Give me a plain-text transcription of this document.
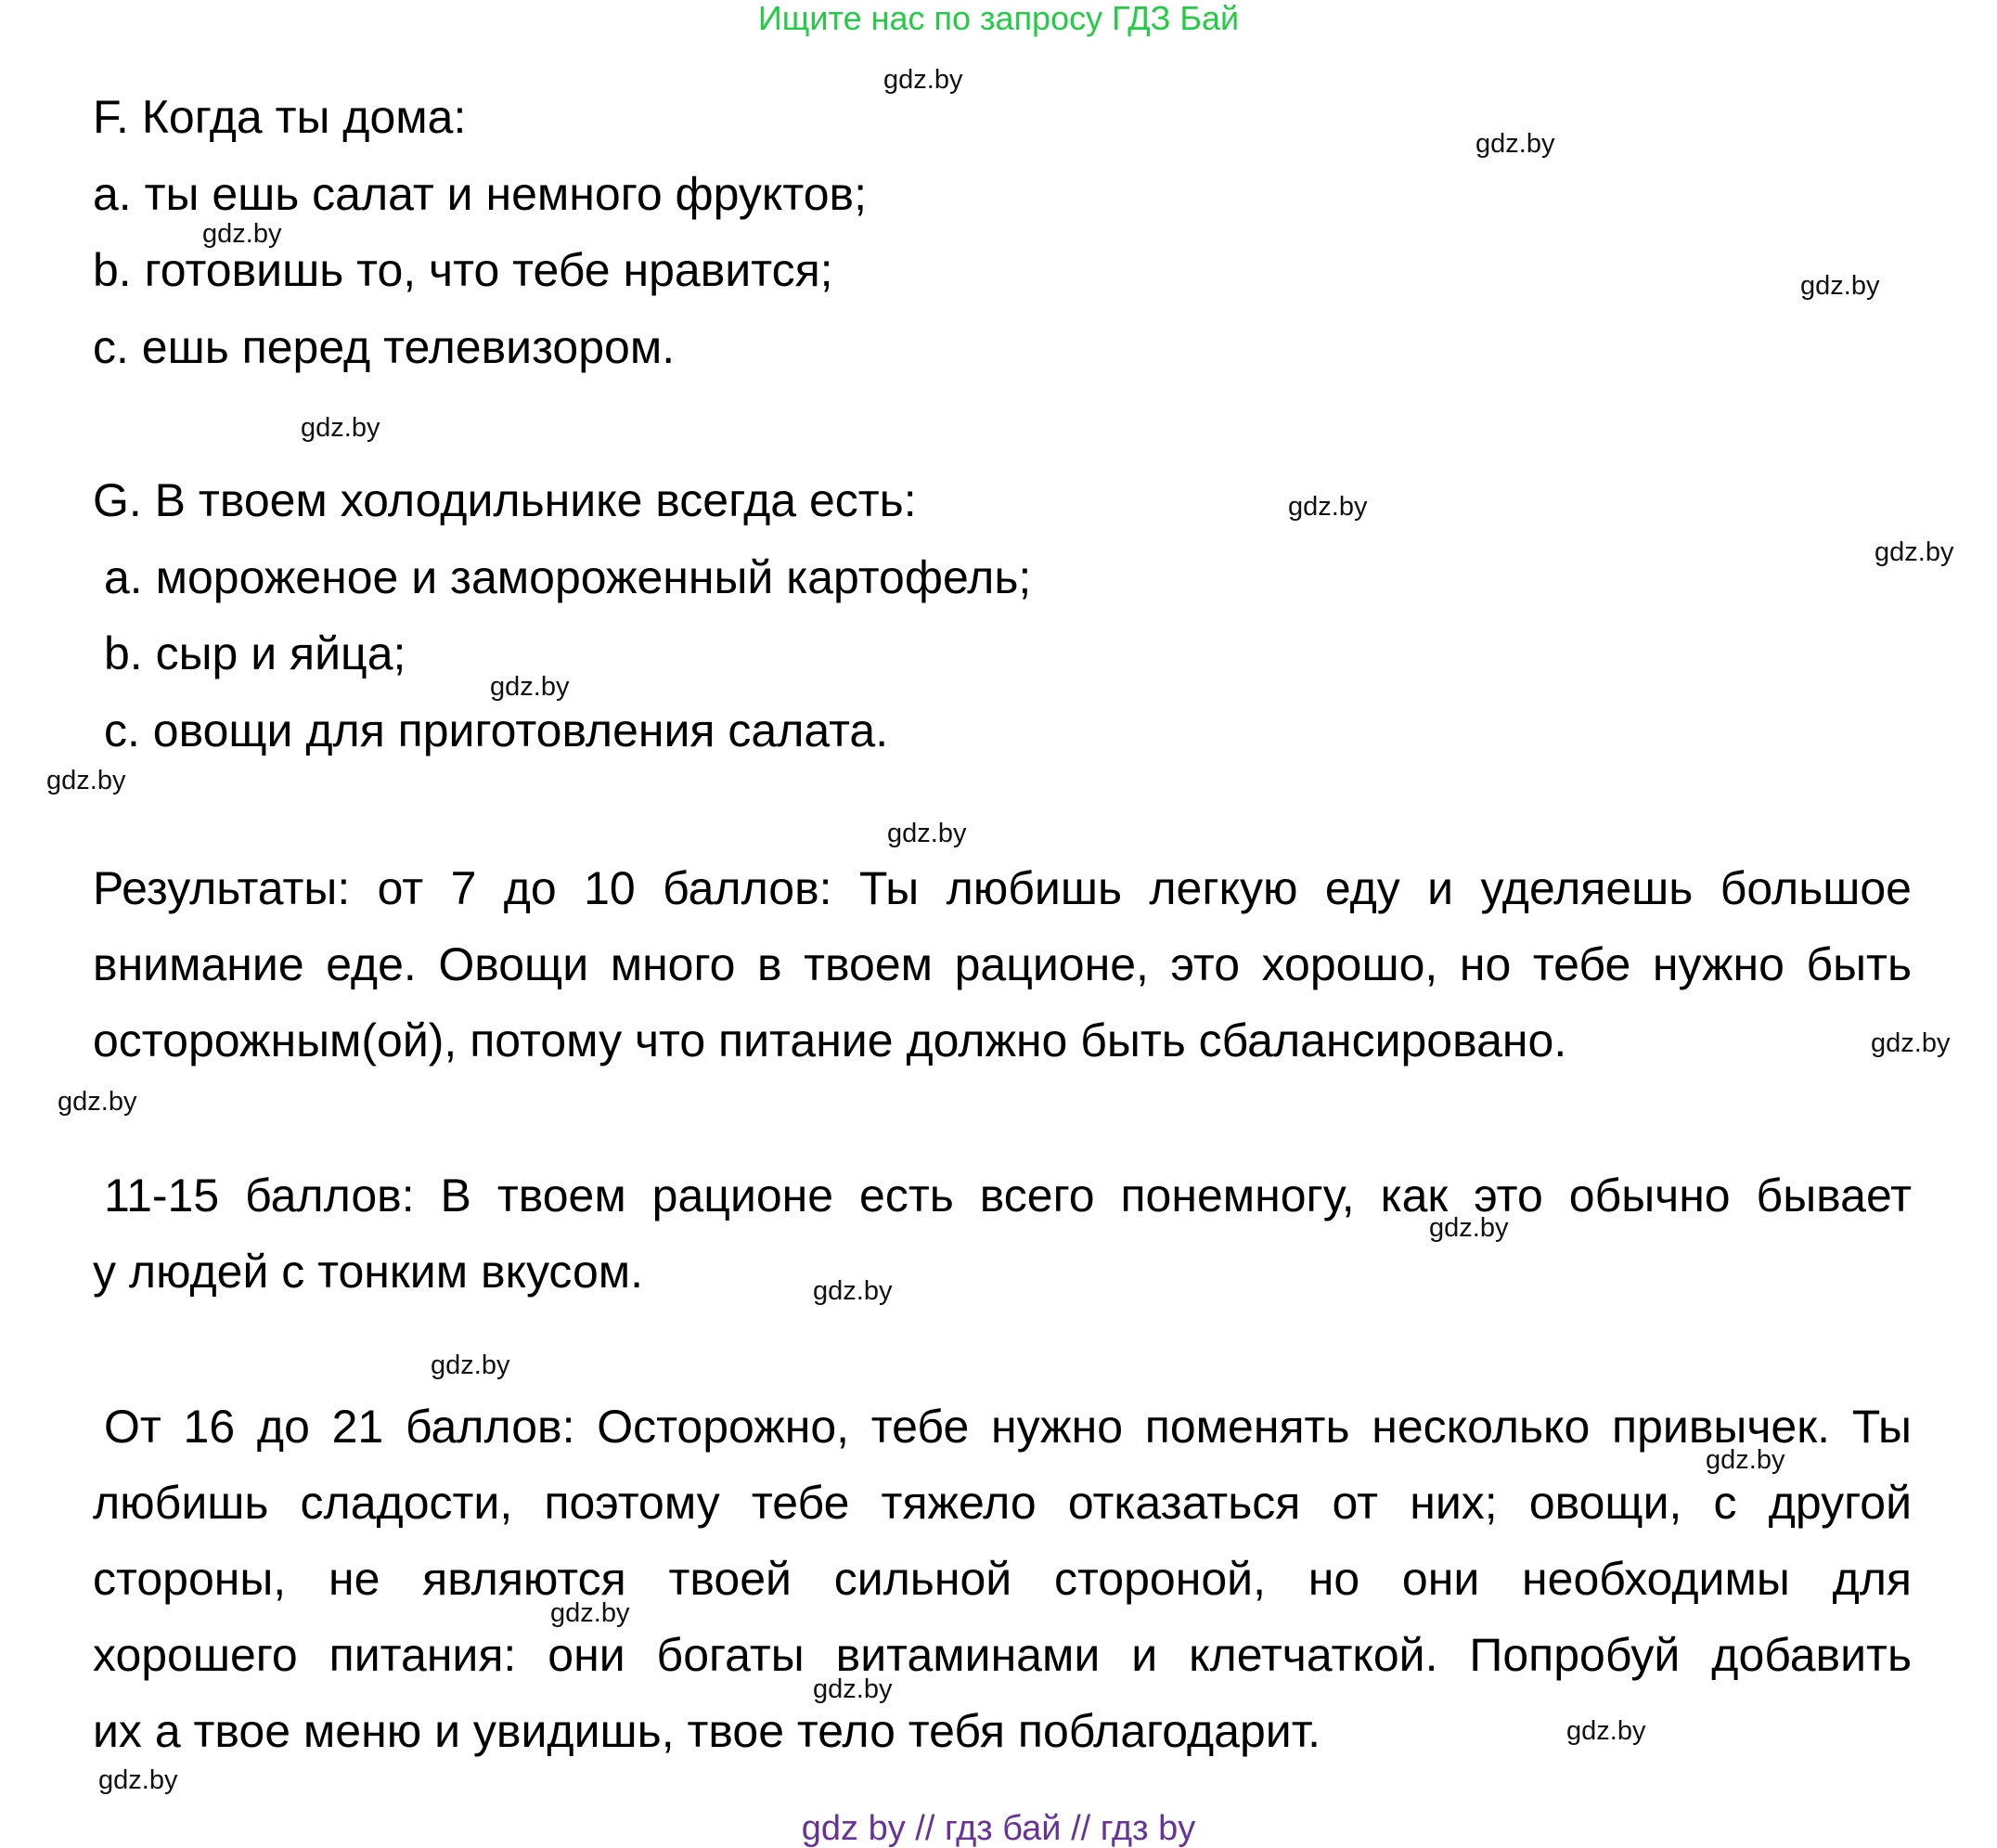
Ищите нас по запросу ГДЗ Бай
F. Когда ты дома:
a. ты ешь салат и немного фруктов;
b. готовишь то, что тебе нравится;
c. ешь перед телевизором.
G. В твоем холодильнике всегда есть:
a. мороженое и замороженный картофель;
b. сыр и яйца;
c. овощи для приготовления салата.
Результаты: от 7 до 10 баллов: Ты любишь легкую еду и уделяешь большое
внимание еде. Овощи много в твоем рационе, это хорошо, но тебе нужно быть
осторожным(ой), потому что питание должно быть сбалансировано.
11-15 баллов: В твоем рационе есть всего понемногу, как это обычно бывает
у людей с тонким вкусом.
От 16 до 21 баллов: Осторожно, тебе нужно поменять несколько привычек. Ты
любишь сладости, поэтому тебе тяжело отказаться от них; овощи, с другой
стороны, не являются твоей сильной стороной, но они необходимы для
хорошего питания: они богаты витаминами и клетчаткой. Попробуй добавить
их а твое меню и увидишь, твое тело тебя поблагодарит.
gdz.by
gdz.by
gdz.by
gdz.by
gdz.by
gdz.by
gdz.by
gdz.by
gdz.by
gdz.by
gdz.by
gdz.by
gdz.by
gdz.by
gdz.by
gdz.by
gdz.by
gdz.by
gdz.by
gdz.by
gdz by // гдз бай // гдз by
